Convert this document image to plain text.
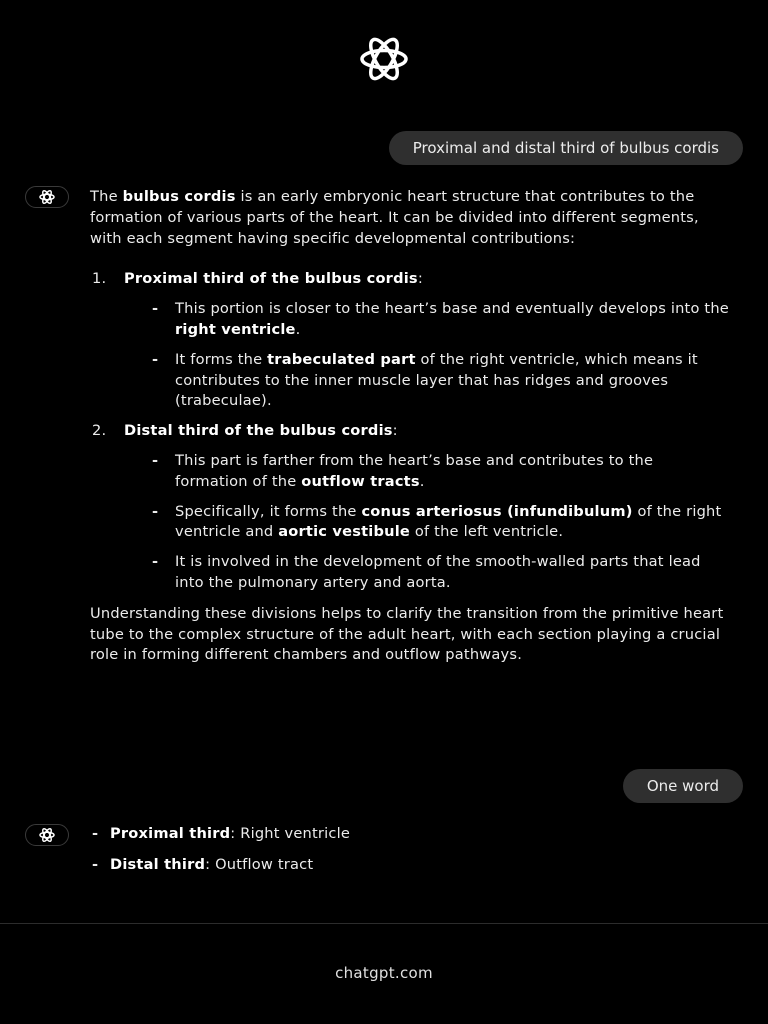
Proximal and distal third of bulbus cordis

The bulbus cordis is an early embryonic heart structure that contributes to the formation of various parts of the heart. It can be divided into different segments, with each segment having specific developmental contributions:

1. Proximal third of the bulbus cordis:
- This portion is closer to the heart’s base and eventually develops into the right ventricle.
- It forms the trabeculated part of the right ventricle, which means it contributes to the inner muscle layer that has ridges and grooves (trabeculae).
2. Distal third of the bulbus cordis:
- This part is farther from the heart’s base and contributes to the formation of the outflow tracts.
- Specifically, it forms the conus arteriosus (infundibulum) of the right ventricle and aortic vestibule of the left ventricle.
- It is involved in the development of the smooth-walled parts that lead into the pulmonary artery and aorta.

Understanding these divisions helps to clarify the transition from the primitive heart tube to the complex structure of the adult heart, with each section playing a crucial role in forming different chambers and outflow pathways.

One word
- Proximal third: Right ventricle
- Distal third: Outflow tract
chatgpt.com
